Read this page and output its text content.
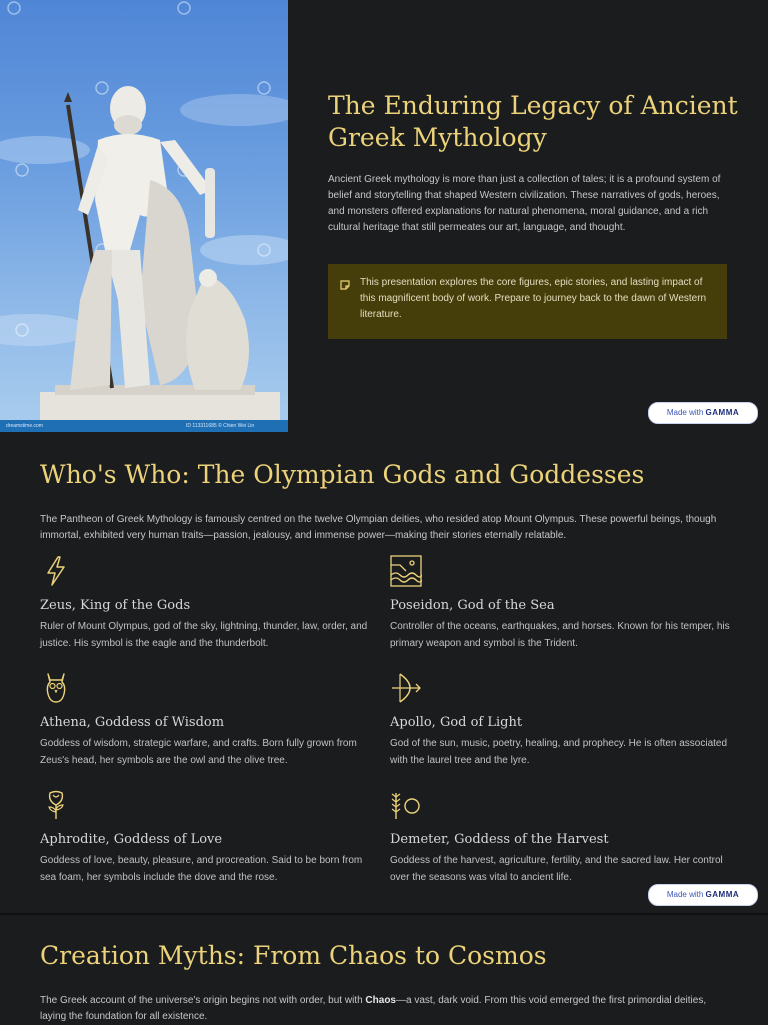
dreamstime.com	ID 113311685 © Chien Wei Lin
The Enduring Legacy of Ancient Greek Mythology

Ancient Greek mythology is more than just a collection of tales; it is a profound system of belief and storytelling that shaped Western civilization. These narratives of gods, heroes, and monsters offered explanations for natural phenomena, moral guidance, and a rich cultural heritage that still permeates our art, language, and thought.

This presentation explores the core figures, epic stories, and lasting impact of this magnificent body of work. Prepare to journey back to the dawn of Western literature.

Made with GAMMA
Who's Who: The Olympian Gods and Goddesses

The Pantheon of Greek Mythology is famously centred on the twelve Olympian deities, who resided atop Mount Olympus. These powerful beings, though immortal, exhibited very human traits—passion, jealousy, and immense power—making their stories eternally relatable.

Zeus, King of the Gods

Ruler of Mount Olympus, god of the sky, lightning, thunder, law, order, and justice. His symbol is the eagle and the thunderbolt.

Poseidon, God of the Sea

Controller of the oceans, earthquakes, and horses. Known for his temper, his primary weapon and symbol is the Trident.

Athena, Goddess of Wisdom

Goddess of wisdom, strategic warfare, and crafts. Born fully grown from Zeus's head, her symbols are the owl and the olive tree.

Apollo, God of Light

God of the sun, music, poetry, healing, and prophecy. He is often associated with the laurel tree and the lyre.

Aphrodite, Goddess of Love

Goddess of love, beauty, pleasure, and procreation. Said to be born from sea foam, her symbols include the dove and the rose.

Demeter, Goddess of the Harvest

Goddess of the harvest, agriculture, fertility, and the sacred law. Her control over the seasons was vital to ancient life.

Made with GAMMA
Creation Myths: From Chaos to Cosmos

The Greek account of the universe's origin begins not with order, but with Chaos—a vast, dark void. From this void emerged the first primordial deities, laying the foundation for all existence.
